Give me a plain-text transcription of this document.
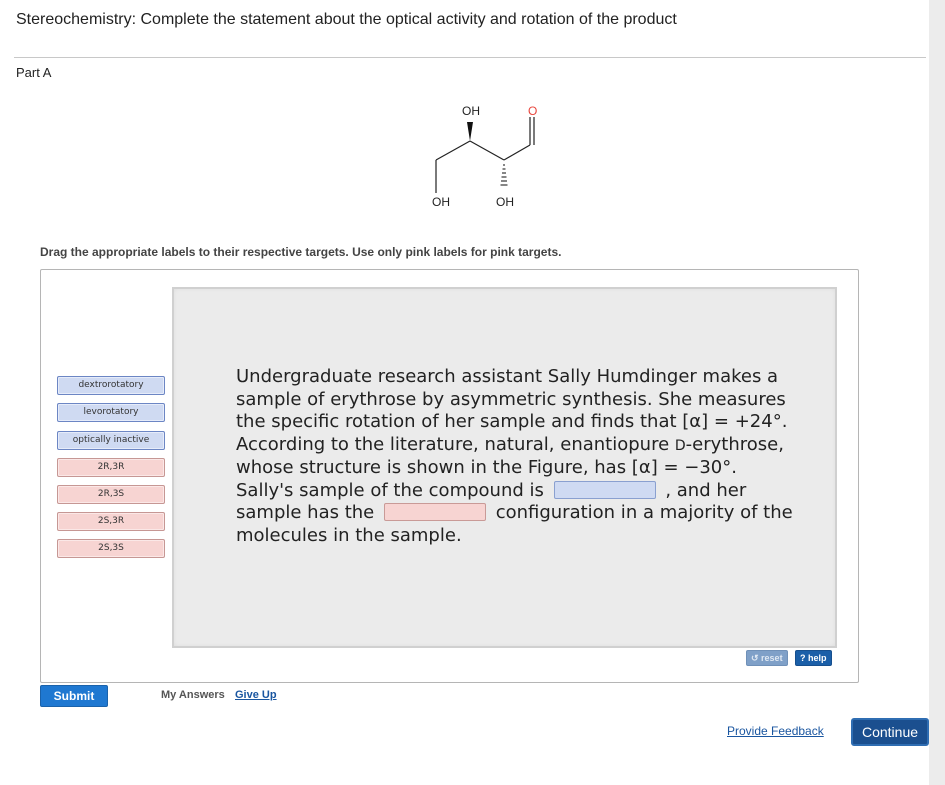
Stereochemistry: Complete the statement about the optical activity and rotation of the product
Part A
OH	O
OH	OH
Drag the appropriate labels to their respective targets. Use only pink labels for pink targets.
dextrorotatory
levorotatory
optically inactive
2R,3R
2R,3S
2S,3R
2S,3S
Undergraduate research assistant Sally Humdinger makes a sample of erythrose by asymmetric synthesis. She measures the specific rotation of her sample and finds that [α] = +24°. According to the literature, natural, enantiopure D-erythrose, whose structure is shown in the Figure, has [α] = −30°. Sally's sample of the compound is	, and her sample has the	configuration in a majority of the molecules in the sample.
↺ reset	? help
Submit	My Answers Give Up
Provide Feedback	Continue
